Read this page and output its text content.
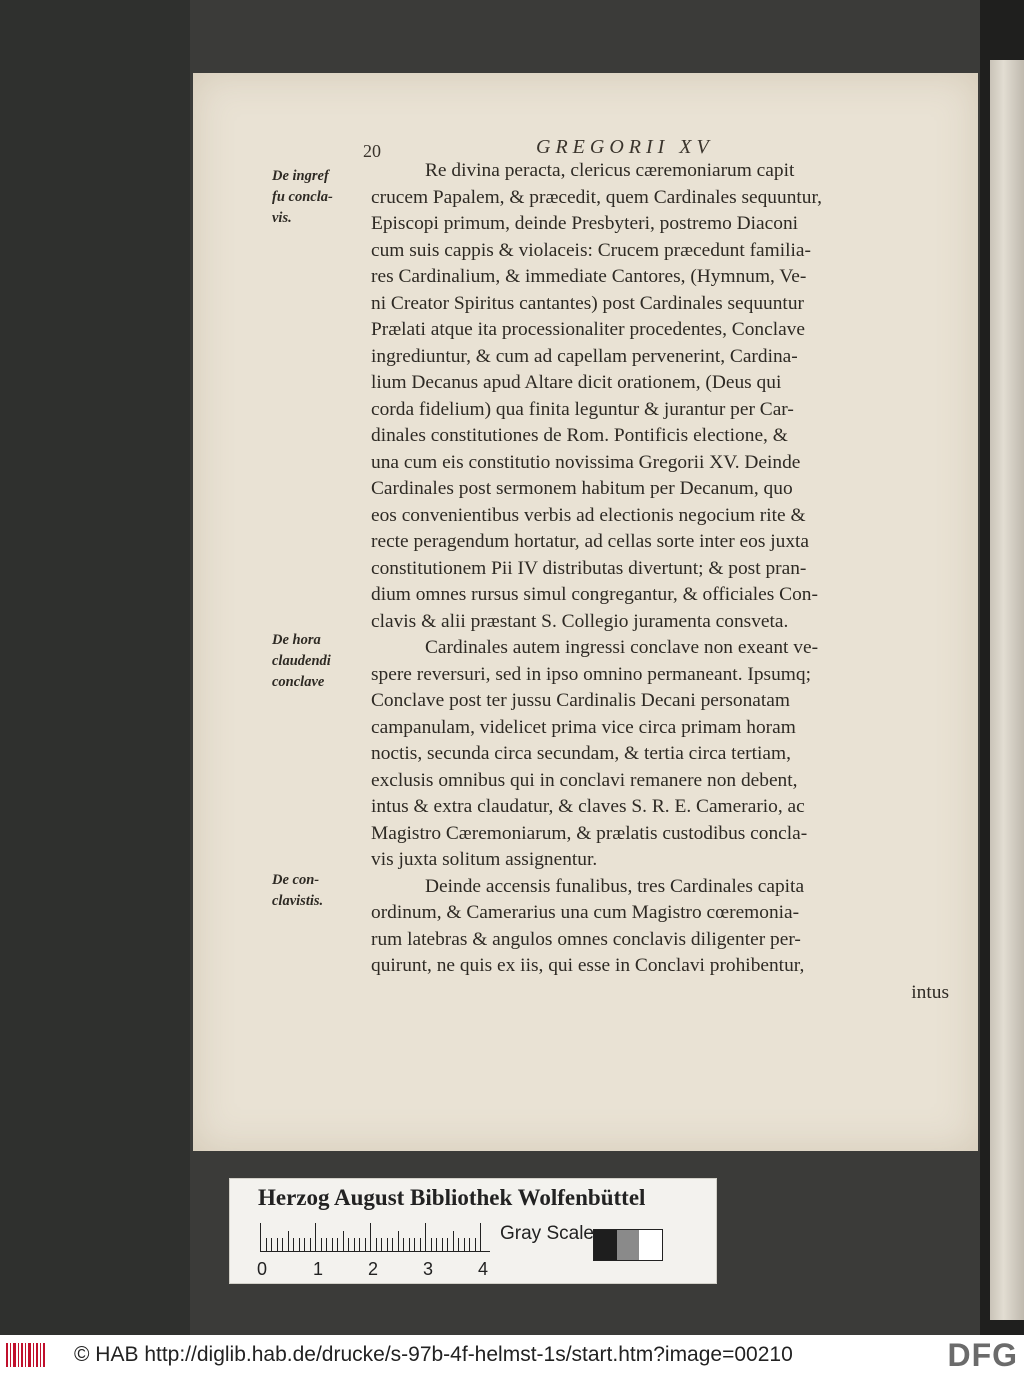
20	GREGORII XV
De ingref
fu concla-
vis.
De hora
claudendi
conclave
De con-
clavistis.
Re divina peracta, clericus cæremoniarum capit
crucem Papalem, & præcedit, quem Cardinales sequuntur,
Episcopi primum, deinde Presbyteri, postremo Diaconi
cum suis cappis & violaceis: Crucem præcedunt familia-
res Cardinalium, & immediate Cantores, (Hymnum, Ve-
ni Creator Spiritus cantantes) post Cardinales sequuntur
Prælati atque ita processionaliter procedentes, Conclave
ingrediuntur, & cum ad capellam pervenerint, Cardina-
lium Decanus apud Altare dicit orationem, (Deus qui
corda fidelium) qua finita leguntur & jurantur per Car-
dinales constitutiones de Rom. Pontificis electione, &
una cum eis constitutio novissima Gregorii XV. Deinde
Cardinales post sermonem habitum per Decanum, quo
eos convenientibus verbis ad electionis negocium rite &
recte peragendum hortatur, ad cellas sorte inter eos juxta
constitutionem Pii IV distributas divertunt; & post pran-
dium omnes rursus simul congregantur, & officiales Con-
clavis & alii præstant S. Collegio juramenta consveta.
Cardinales autem ingressi conclave non exeant ve-
spere reversuri, sed in ipso omnino permaneant. Ipsumq;
Conclave post ter jussu Cardinalis Decani personatam
campanulam, videlicet prima vice circa primam horam
noctis, secunda circa secundam, & tertia circa tertiam,
exclusis omnibus qui in conclavi remanere non debent,
intus & extra claudatur, & claves S. R. E. Camerario, ac
Magistro Cæremoniarum, & prælatis custodibus concla-
vis juxta solitum assignentur.
Deinde accensis funalibus, tres Cardinales capita
ordinum, & Camerarius una cum Magistro cœremonia-
rum latebras & angulos omnes conclavis diligenter per-
quirunt, ne quis ex iis, qui esse in Conclavi prohibentur,
intus
Herzog August Bibliothek Wolfenbüttel
0	1 2 3 4
Gray Scale
© HAB http://diglib.hab.de/drucke/s-97b-4f-helmst-1s/start.htm?image=00210	DFG
